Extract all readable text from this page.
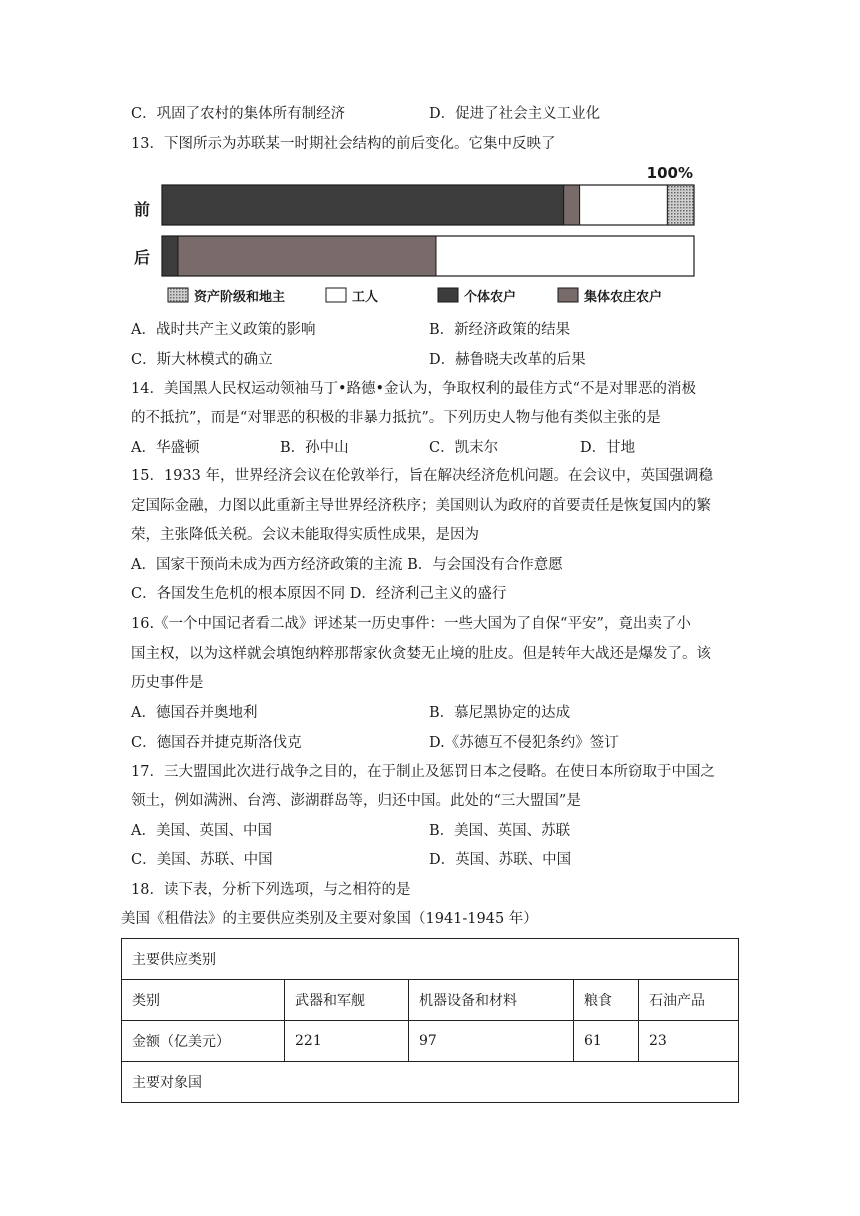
C．巩固了农村的集体所有制经济	D．促进了社会主义工业化
13．下图所示为苏联某一时期社会结构的前后变化。它集中反映了
100%
前
后
资产阶级和地主	工人	个体农户	集体农庄农户
A．战时共产主义政策的影响	B．新经济政策的结果
C．斯大林模式的确立	D．赫鲁晓夫改革的后果
14．美国黑人民权运动领袖马丁•路德•金认为，争取权利的最佳方式“不是对罪恶的消极
的不抵抗”，而是“对罪恶的积极的非暴力抵抗”。下列历史人物与他有类似主张的是
A．华盛顿	B．孙中山	C．凯末尔	D．甘地
15．1933 年，世界经济会议在伦敦举行，旨在解决经济危机问题。在会议中，英国强调稳
定国际金融，力图以此重新主导世界经济秩序；美国则认为政府的首要责任是恢复国内的繁
荣，主张降低关税。会议未能取得实质性成果，是因为
A．国家干预尚未成为西方经济政策的主流 B．与会国没有合作意愿
C．各国发生危机的根本原因不同 D．经济利己主义的盛行
16.《一个中国记者看二战》评述某一历史事件：一些大国为了自保“平安”，竟出卖了小
国主权，以为这样就会填饱纳粹那帮家伙贪婪无止境的肚皮。但是转年大战还是爆发了。该
历史事件是
A．德国吞并奥地利	B．慕尼黑协定的达成
C．德国吞并捷克斯洛伐克	D.《苏德互不侵犯条约》签订
17．三大盟国此次进行战争之目的，在于制止及惩罚日本之侵略。在使日本所窃取于中国之
领土，例如满洲、台湾、澎湖群岛等，归还中国。此处的“三大盟国”是
A．美国、英国、中国	B．美国、英国、苏联
C．美国、苏联、中国	D．英国、苏联、中国
18．读下表，分析下列选项，与之相符的是
美国《租借法》的主要供应类别及主要对象国（1941-1945 年）
主要供应类别				
类别	武器和军舰	机器设备和材料	粮食	石油产品
金额（亿美元）	221	97	61	23
主要对象国				
